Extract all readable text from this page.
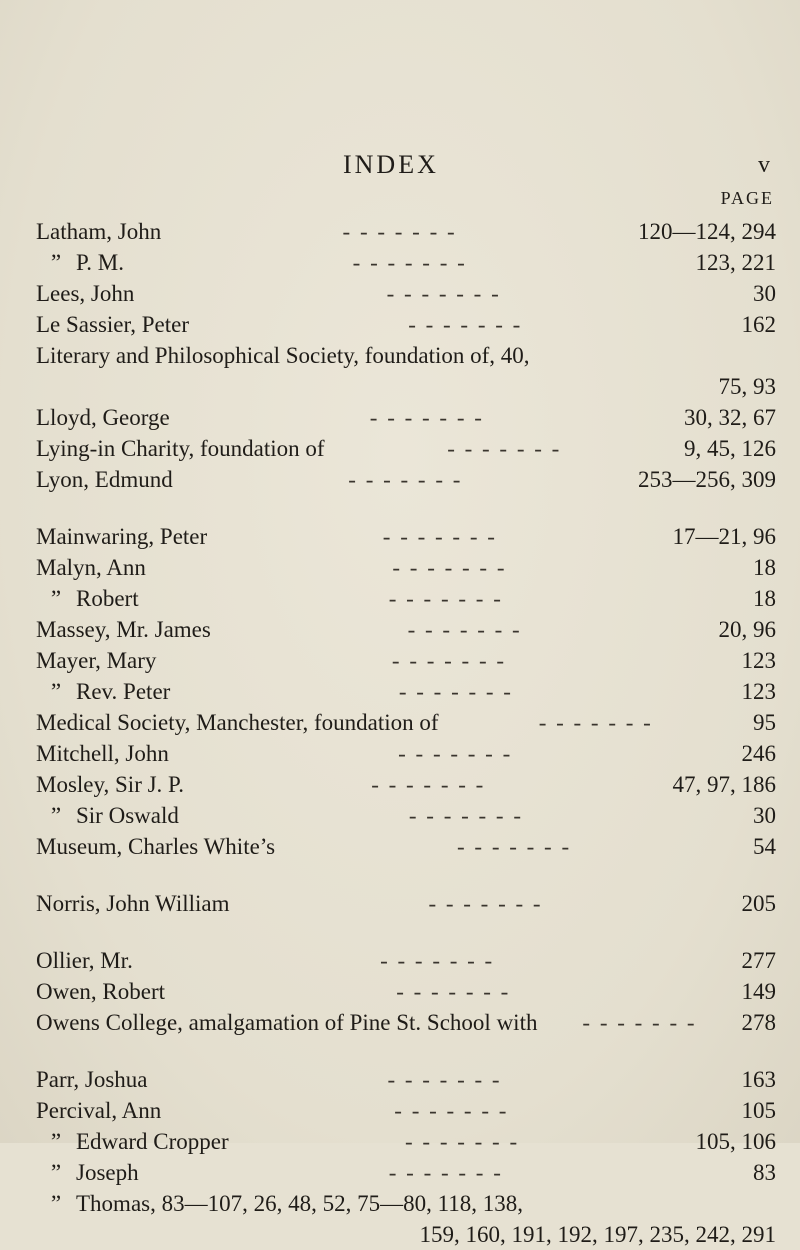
INDEX	v
PAGE
Latham, John	- - - - - - -	120—124, 294
” P. M.	- - - - - - -	123, 221
Lees, John	- - - - - - -	30
Le Sassier, Peter	- - - - - - -	162
Literary and Philosophical Society, foundation of, 40,
75, 93
Lloyd, George	- - - - - - -	30, 32, 67
Lying-in Charity, foundation of	- - - - - - -	9, 45, 126
Lyon, Edmund	- - - - - - -	253—256, 309
Mainwaring, Peter	- - - - - - -	17—21, 96
Malyn, Ann	- - - - - - -	18
” Robert	- - - - - - -	18
Massey, Mr. James	- - - - - - -	20, 96
Mayer, Mary	- - - - - - -	123
” Rev. Peter	- - - - - - -	123
Medical Society, Manchester, foundation of	- - - - - - -	95
Mitchell, John	- - - - - - -	246
Mosley, Sir J. P.	- - - - - - -	47, 97, 186
” Sir Oswald	- - - - - - -	30
Museum, Charles White’s	- - - - - - -	54
Norris, John William	- - - - - - -	205
Ollier, Mr.	- - - - - - -	277
Owen, Robert	- - - - - - -	149
Owens College, amalgamation of Pine St. School with	- - - - - - -	278
Parr, Joshua	- - - - - - -	163
Percival, Ann	- - - - - - -	105
” Edward Cropper	- - - - - - -	105, 106
” Joseph	- - - - - - -	83
” Thomas, 83—107, 26, 48, 52, 75—80, 118, 138,
159, 160, 191, 192, 197, 235, 242, 291
